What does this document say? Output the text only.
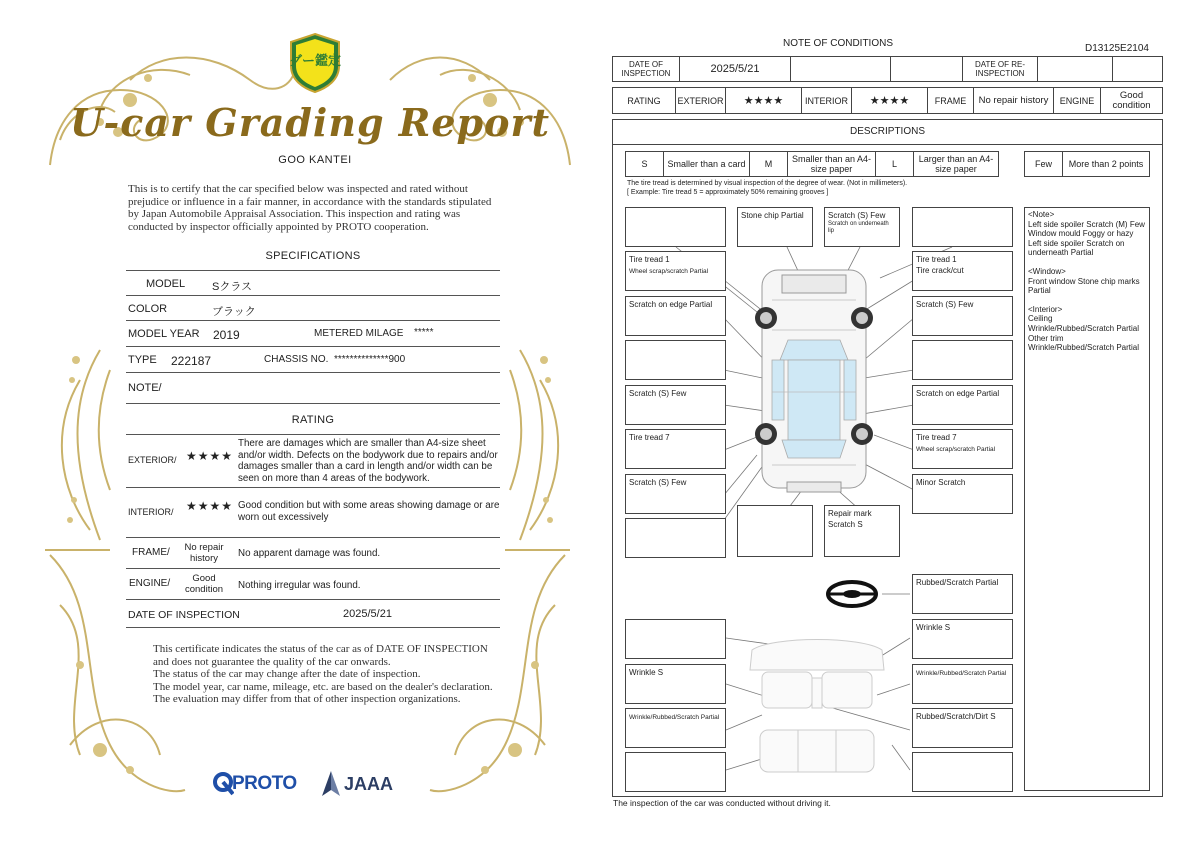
グー鑑定
U-car Grading Report
GOO KANTEI
This is to certify that the car specified below was inspected and rated without prejudice or influence in a fair manner, in accordance with the standards stipulated by Japan Automobile Appraisal Association. This inspection and rating was conducted by inspector officially appointed by PROTO cooperation.
SPECIFICATIONS
MODEL Sクラス
COLOR	ブラック
MODEL YEAR 2019	METERED MILAGE *****
TYPE 222187	CHASSIS NO. **************900
NOTE/
RATING
EXTERIOR/ ★★★★
There are damages which are smaller than A4-size sheet and/or width. Defects on the bodywork due to repairs and/or damages smaller than a card in length and/or width can be seen on more than 4 areas of the bodywork.
INTERIOR/ ★★★★ Good condition but with some areas showing damage or are worn out excessively
FRAME/	No repair history	No apparent damage was found.
ENGINE/	Good condition	Nothing irregular was found.
DATE OF INSPECTION	2025/5/21
This certificate indicates the status of the car as of DATE OF INSPECTION and does not guarantee the quality of the car onwards.
The status of the car may change after the date of inspection.
The model year, car name, mileage, etc. are based on the dealer's declaration.
The evaluation may differ from that of other inspection organizations.
PROTO	JAAA
NOTE OF CONDITIONS	D13125E2104
DATE OF INSPECTION	2025/5/21	DATE OF RE-INSPECTION
RATING	EXTERIOR	★★★★	INTERIOR	★★★★	FRAME	No repair history	ENGINE	Good condition
DESCRIPTIONS
S	Smaller than a card	M	Smaller than an A4-size paper	L	Larger than an A4-size paper	Few	More than 2 points
The tire tread is determined by visual inspection of the degree of wear. (Not in millimeters).
[ Example: Tire tread 5 = approximately 50% remaining grooves ]
Tire tread 1
Wheel scrap/scratch Partial
Scratch on edge Partial
Scratch (S) Few
Tire tread 7
Scratch (S) Few
Stone chip Partial	Scratch (S) Few
Scratch on underneath lip
Repair mark
Scratch S
Tire tread 1
Tire crack/cut
Scratch (S) Few
Scratch on edge Partial
Tire tread 7
Wheel scrap/scratch Partial
Minor Scratch
Rubbed/Scratch Partial
Wrinkle S
Wrinkle S	Wrinkle/Rubbed/Scratch Partial
Wrinkle/Rubbed/Scratch Partial	Rubbed/Scratch/Dirt S
<Note>
Left side spoiler Scratch (M) Few
Window mould Foggy or hazy
Left side spoiler Scratch on underneath Partial
<Window>
Front window Stone chip marks Partial
<Interior>
Ceiling
Wrinkle/Rubbed/Scratch Partial
Other trim
Wrinkle/Rubbed/Scratch Partial
The inspection of the car was conducted without driving it.
